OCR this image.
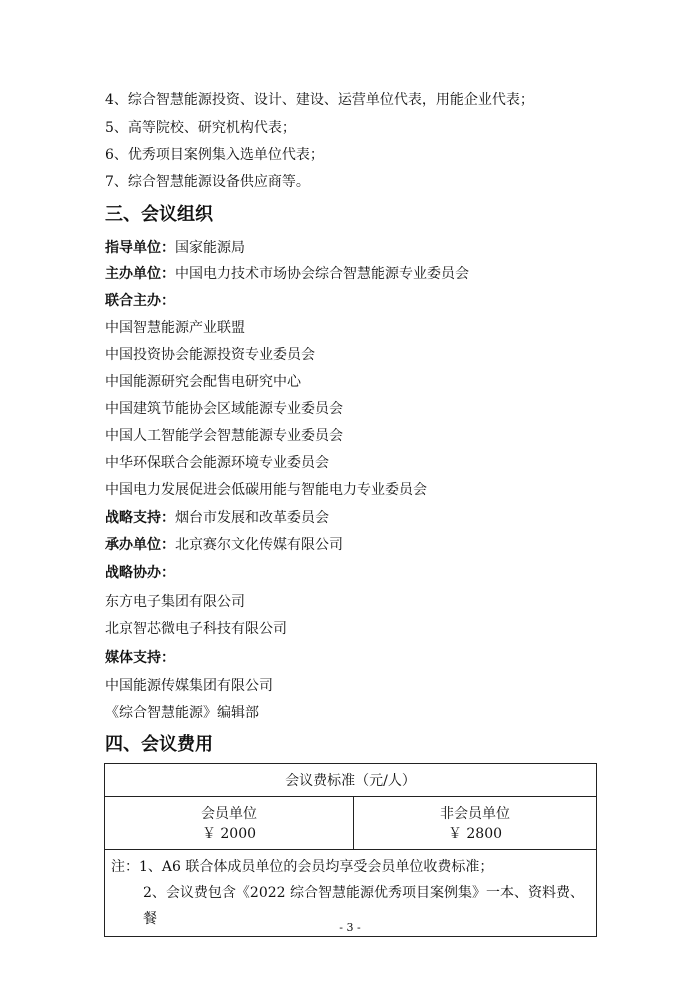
4、综合智慧能源投资、设计、建设、运营单位代表，用能企业代表；
5、高等院校、研究机构代表；
6、优秀项目案例集入选单位代表；
7、综合智慧能源设备供应商等。
三、会议组织
指导单位：国家能源局
主办单位：中国电力技术市场协会综合智慧能源专业委员会
联合主办：
中国智慧能源产业联盟
中国投资协会能源投资专业委员会
中国能源研究会配售电研究中心
中国建筑节能协会区域能源专业委员会
中国人工智能学会智慧能源专业委员会
中华环保联合会能源环境专业委员会
中国电力发展促进会低碳用能与智能电力专业委员会
战略支持：烟台市发展和改革委员会
承办单位：北京赛尔文化传媒有限公司
战略协办：
东方电子集团有限公司
北京智芯微电子科技有限公司
媒体支持：
中国能源传媒集团有限公司
《综合智慧能源》编辑部
四、会议费用
会议费标准（元/人）	
会员单位	非会员单位
￥ 2000	￥ 2800

注：1、A6 联合体成员单位的会员均享受会员单位收费标准；
2、会议费包含《2022 综合智慧能源优秀项目案例集》一本、资料费、餐	
- 3 -
